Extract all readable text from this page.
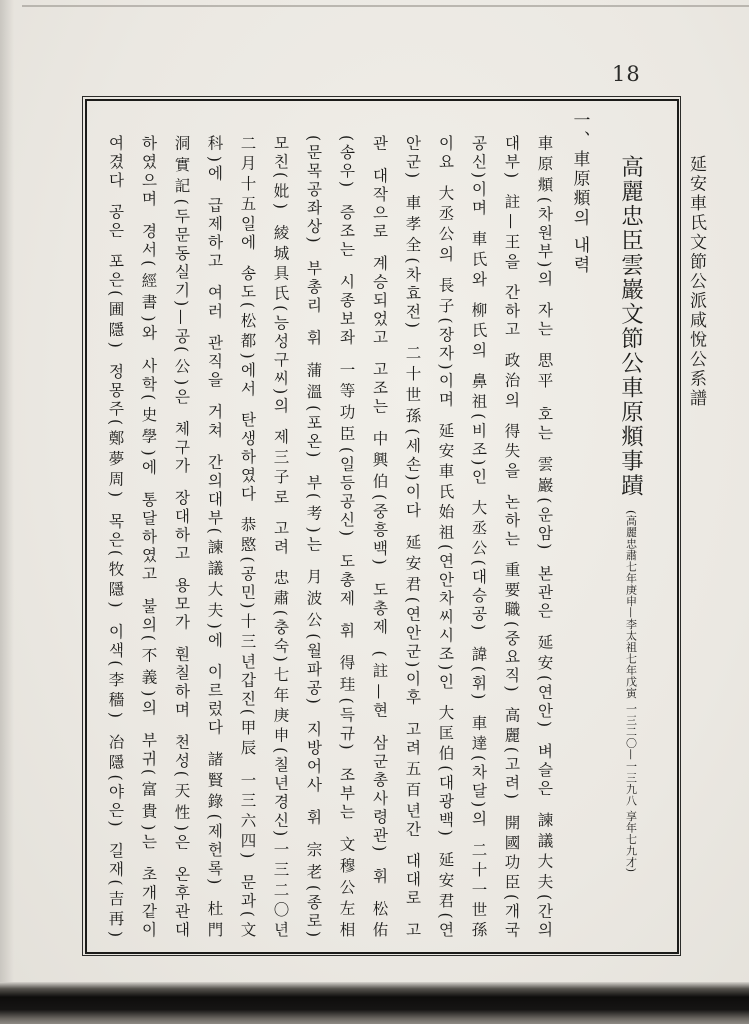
18
延安車氏文節公派咸悅公系譜
高麗忠臣雲巖文節公車原頫事蹟 (高麗忠肅七年庚申—李太祖七年戊寅 一三二〇—一三九八 享年七九才)
一、車原頫의 내력
車原頫(차원부)의 자는 思平 호는 雲巖(운암) 본관은 延安(연안) 벼슬은 諫議大夫(간의
대부) 註—王을 간하고 政治의 得失을 논하는 重要職(중요직) 高麗(고려) 開國功臣(개국
공신)이며 車氏와 柳氏의 鼻祖(비조)인 大丞公(대승공) 諱(휘) 車達(차달)의 二十一世孫
이요 大丞公의 長子(장자)이며 延安車氏始祖(연안차씨시조)인 大匡伯(대광백) 延安君(연
안군) 車孝全(차효전) 二十世孫(세손)이다 延安君(연안군)이후 고려五百년간 대대로 고
관 대작으로 계승되었고 고조는 中興伯(중흥백) 도총제 (註—현 삼군총사령관) 휘 松佑
(송우) 증조는 시종보좌 一等功臣(일등공신) 도총제 휘 得珪(득규) 조부는 文穆公左相
(문목공좌상) 부총리 휘 蒲溫(포온) 부(考)는 月波公(월파공) 지방어사 휘 宗老(종로)
모친(妣) 綾城具氏(능성구씨)의 제三子로 고려 忠肅(충숙)七年庚申(칠년경신)一三二〇년
二月十五일에 송도(松都)에서 탄생하였다 恭愍(공민)十三년갑진(甲辰 一三六四) 문과(文
科)에 급제하고 여러 관직을 거쳐 간의대부(諫議大夫)에 이르렀다 諸賢錄(제헌록) 杜門
洞實記(두문동실기)—공(公)은 체구가 장대하고 용모가 훤칠하며 천성(天性)은 온후관대
하였으며 경서(經書)와 사학(史學)에 통달하였고 불의(不義)의 부귀(富貴)는 초개같이
여겼다 공은 포은(圃隱) 정몽주(鄭夢周) 목은(牧隱) 이색(李穡) 冶隱(야은) 길재(吉再)
